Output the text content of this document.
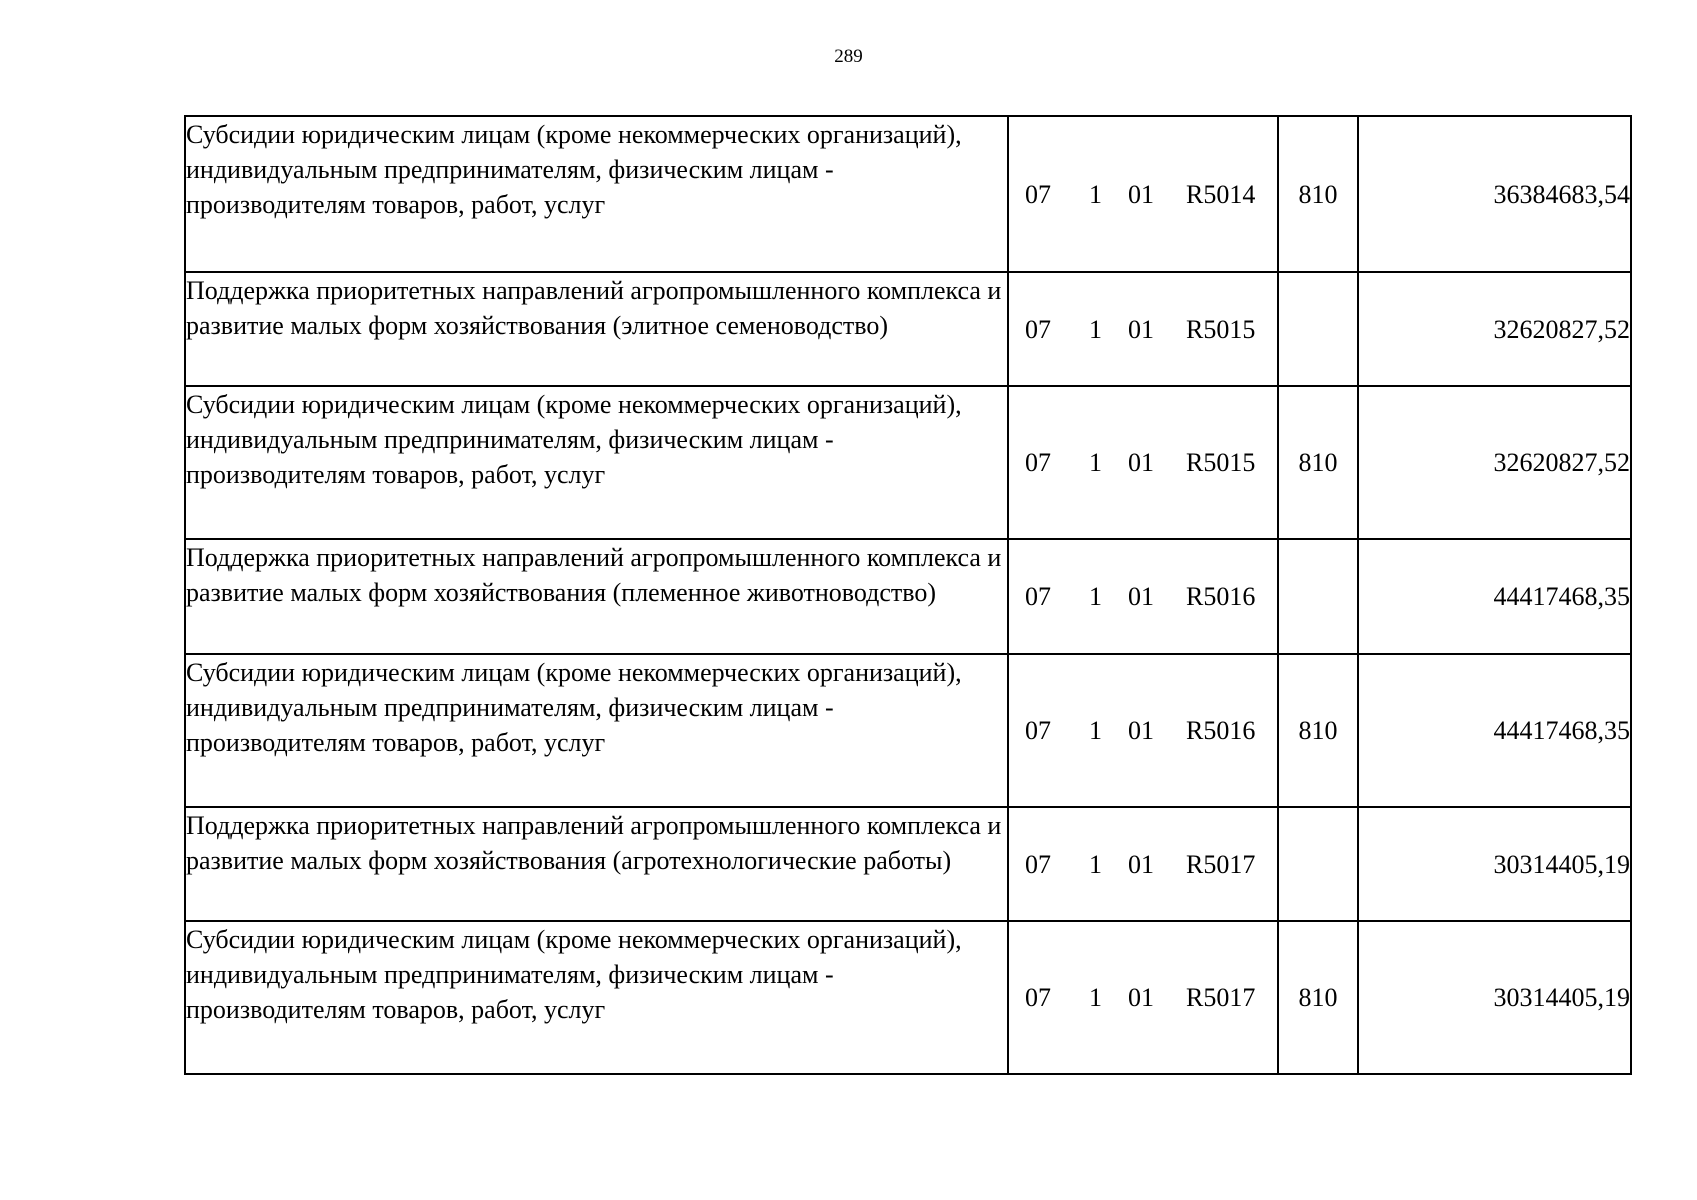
289
Субсидии юридическим лицам (кроме некоммерческих организаций), индивидуальным предпринимателям, физическим лицам - производителям товаров, работ, услуг	07 1 01 R5014	810	36384683,54
Поддержка приоритетных направлений агропромышленного комплекса и развитие малых форм хозяйствования (элитное семеноводство)	07 1 01 R5015		32620827,52
Субсидии юридическим лицам (кроме некоммерческих организаций), индивидуальным предпринимателям, физическим лицам - производителям товаров, работ, услуг	07 1 01 R5015	810	32620827,52
Поддержка приоритетных направлений агропромышленного комплекса и развитие малых форм хозяйствования (племенное животноводство)	07 1 01 R5016		44417468,35
Субсидии юридическим лицам (кроме некоммерческих организаций), индивидуальным предпринимателям, физическим лицам - производителям товаров, работ, услуг	07 1 01 R5016	810	44417468,35
Поддержка приоритетных направлений агропромышленного комплекса и развитие малых форм хозяйствования (агротехнологические работы)	07 1 01 R5017		30314405,19
Субсидии юридическим лицам (кроме некоммерческих организаций), индивидуальным предпринимателям, физическим лицам - производителям товаров, работ, услуг	07 1 01 R5017	810	30314405,19
